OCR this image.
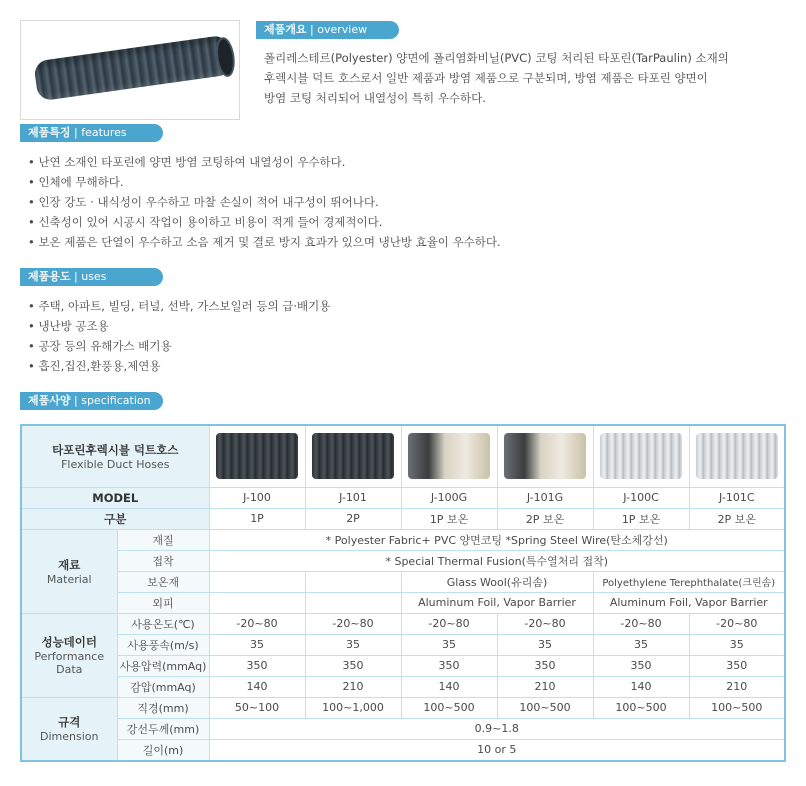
제품개요 | overview
폴리레스테르(Polyester) 양면에 폴리염화비닐(PVC) 코팅 처리된 타포린(TarPaulin) 소재의
후렉시블 덕트 호스로서 일반 제품과 방염 제품으로 구분되며, 방염 제품은 타포린 양면이
방염 코팅 처리되어 내열성이 특히 우수하다.
제품특징 | features
• 난연 소재인 타포린에 양면 방염 코팅하여 내열성이 우수하다.
• 인체에 무해하다.
• 인장 강도 · 내식성이 우수하고 마찰 손실이 적어 내구성이 뛰어나다.
• 신축성이 있어 시공시 작업이 용이하고 비용이 적게 들어 경제적이다.
• 보온 제품은 단열이 우수하고 소음 제거 및 결로 방지 효과가 있으며 냉난방 효율이 우수하다.
제품용도 | uses
• 주택, 아파트, 빌딩, 터널, 선박, 가스보일러 등의 급·배기용
• 냉난방 공조용
• 공장 등의 유해가스 배기용
• 흡진,집진,환풍용,제연용
제품사양 | specification
타포린후렉시블 덕트호스
Flexible Duct Hoses							

MODEL		J-100	J-101	J-100G	J-101G	J-100C	J-101C
구분		1P	2P	1P 보온	2P 보온	1P 보온	2P 보온

재료
Material	재질	* Polyester Fabric+ PVC 양면코팅 *Spring Steel Wire(탄소체강선)					
	접착	* Special Thermal Fusion(특수열처리 접착)					
	보온재			Glass Wool(유리솜)		Polyethylene Terephthalate(크린솜)	
	외피			Aluminum Foil, Vapor Barrier		Aluminum Foil, Vapor Barrier	

성능데이터
Performance
Data	사용온도(℃)	-20~80	-20~80	-20~80	-20~80	-20~80	-20~80
	사용풍속(m/s)	35	35	35	35	35	35
	사용압력(mmAq)	350	350	350	350	350	350
	감압(mmAq)	140	210	140	210	140	210

규격
Dimension	직경(mm)	50~100	100~1,000	100~500	100~500	100~500	100~500
	강선두께(mm)	0.9~1.8					
	길이(m)	10 or 5					
